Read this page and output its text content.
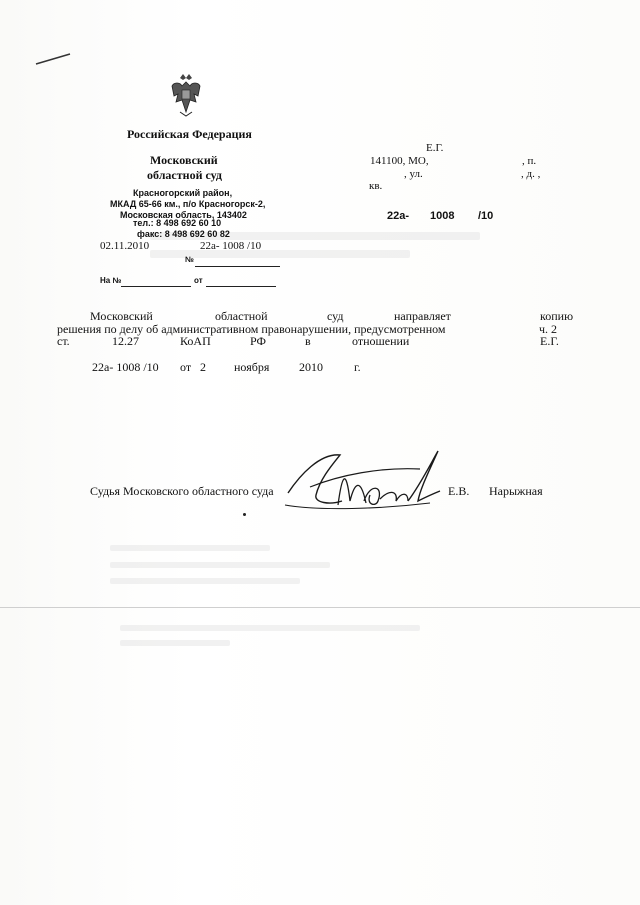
Российская Федерация
Московский
областной суд
Красногорский район,
МКАД 65-66 км., п/о Красногорск-2,
Московская область, 143402
тел.: 8 498 692 60 10
факс: 8 498 692 60 82
02.11.2010	22а- 1008 /10
№
На №	от
Е.Г.
141100, МО,	, п.
, ул.	, д. ,
кв.
22а- 1008 /10
Московский	областной	суд	направляет	копию
решения по делу об административном правонарушении, предусмотренном	ч. 2
ст.	12.27	КоАП	РФ	в	отношении	Е.Г.
22а- 1008 /10 от 2 ноября 2010	г.
Судья Московского областного суда	Е.В. Нарыжная
